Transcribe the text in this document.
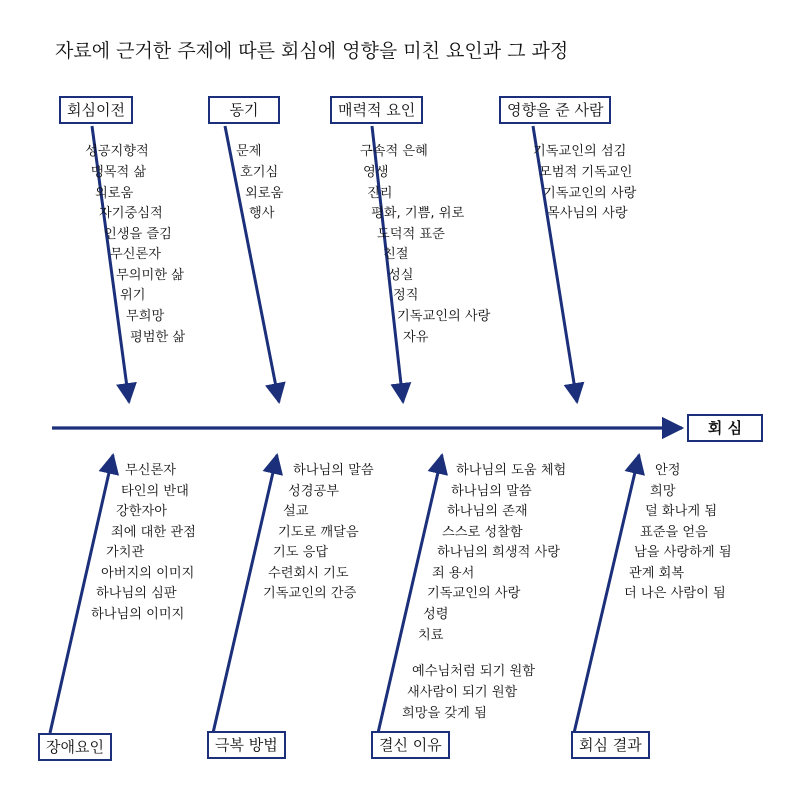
자료에 근거한 주제에 따른 회심에 영향을 미친 요인과 그 과정
회심이전	동기	매력적 요인	영향을 준 사람
회 심
장애요인	극복 방법	결신 이유	회심 결과
성공지향적
맹목적 삶
외로움
자기중심적
인생을 즐김
무신론자
무의미한 삶
위기
무희망
평범한 삶
문제
호기심
외로움
행사
구속적 은혜
영생
진리
평화, 기쁨, 위로
도덕적 표준
친절
성실
정직
기독교인의 사랑
자유
기독교인의 섬김
모범적 기독교인
기독교인의 사랑
목사님의 사랑
무신론자
타인의 반대
강한자아
죄에 대한 관점
가치관
아버지의 이미지
하나님의 심판
하나님의 이미지
하나님의 말씀
성경공부
설교
기도로 깨달음
기도 응답
수련회시 기도
기독교인의 간증
하나님의 도움 체험
하나님의 말씀
하나님의 존재
스스로 성찰함
하나님의 희생적 사랑
죄 용서
기독교인의 사랑
성령
치료
예수님처럼 되기 원함
새사람이 되기 원함
희망을 갖게 됨
안정
희망
덜 화나게 됨
표준을 얻음
남을 사랑하게 됨
관계 회복
더 나은 사람이 됨
